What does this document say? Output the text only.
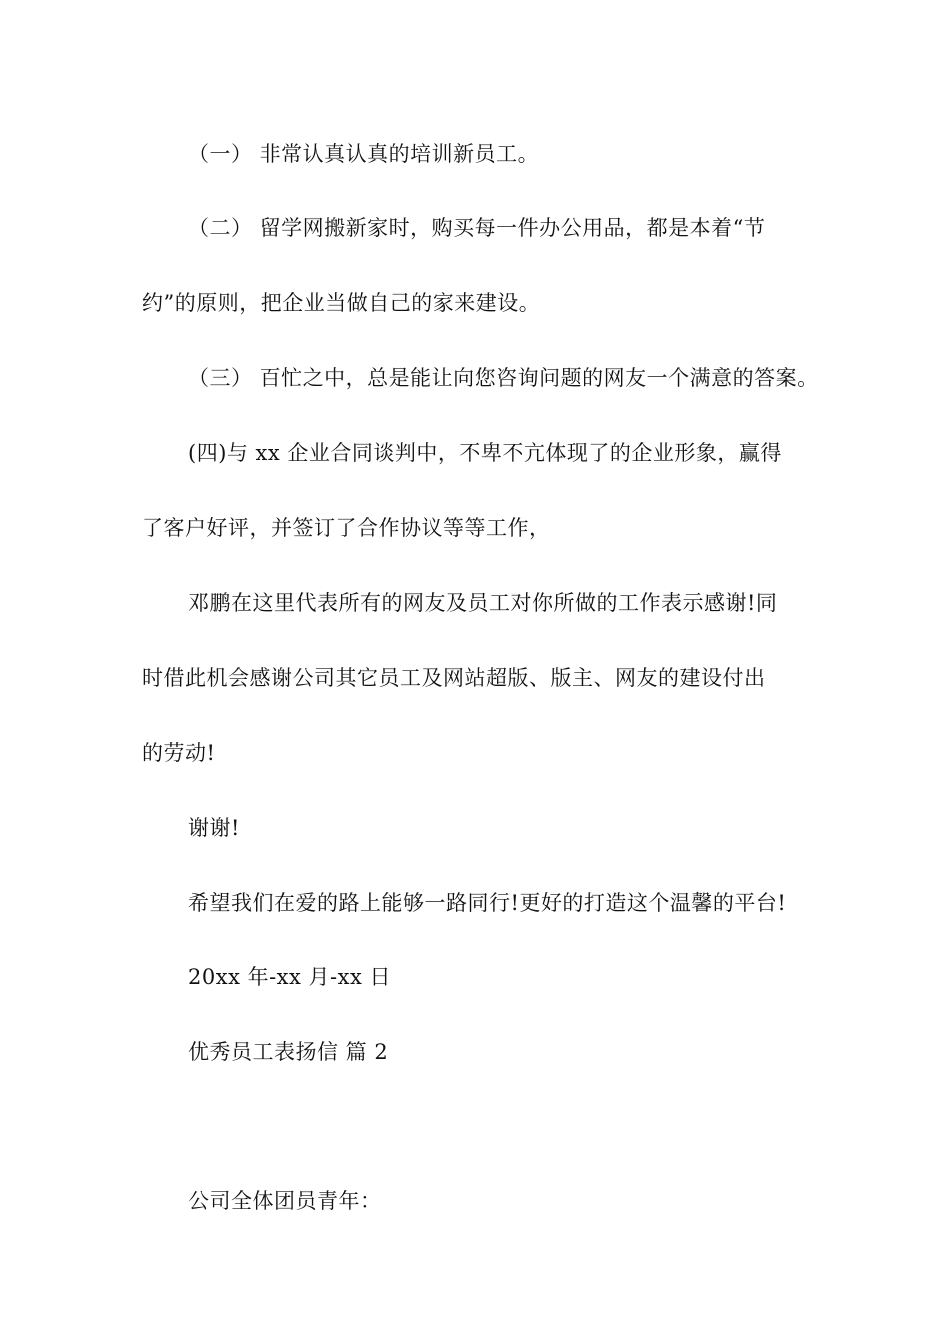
（一） 非常认真认真的培训新员工。
（二） 留学网搬新家时，购买每一件办公用品，都是本着“节
约”的原则，把企业当做自己的家来建设。
（三） 百忙之中，总是能让向您咨询问题的网友一个满意的答案。
(四)与 xx 企业合同谈判中，不卑不亢体现了的企业形象，赢得
了客户好评，并签订了合作协议等等工作，
邓鹏在这里代表所有的网友及员工对你所做的工作表示感谢!同
时借此机会感谢公司其它员工及网站超版、版主、网友的建设付出
的劳动!
谢谢!
希望我们在爱的路上能够一路同行!更好的打造这个温馨的平台!
20xx 年-xx 月-xx 日
优秀员工表扬信 篇 2
公司全体团员青年：
